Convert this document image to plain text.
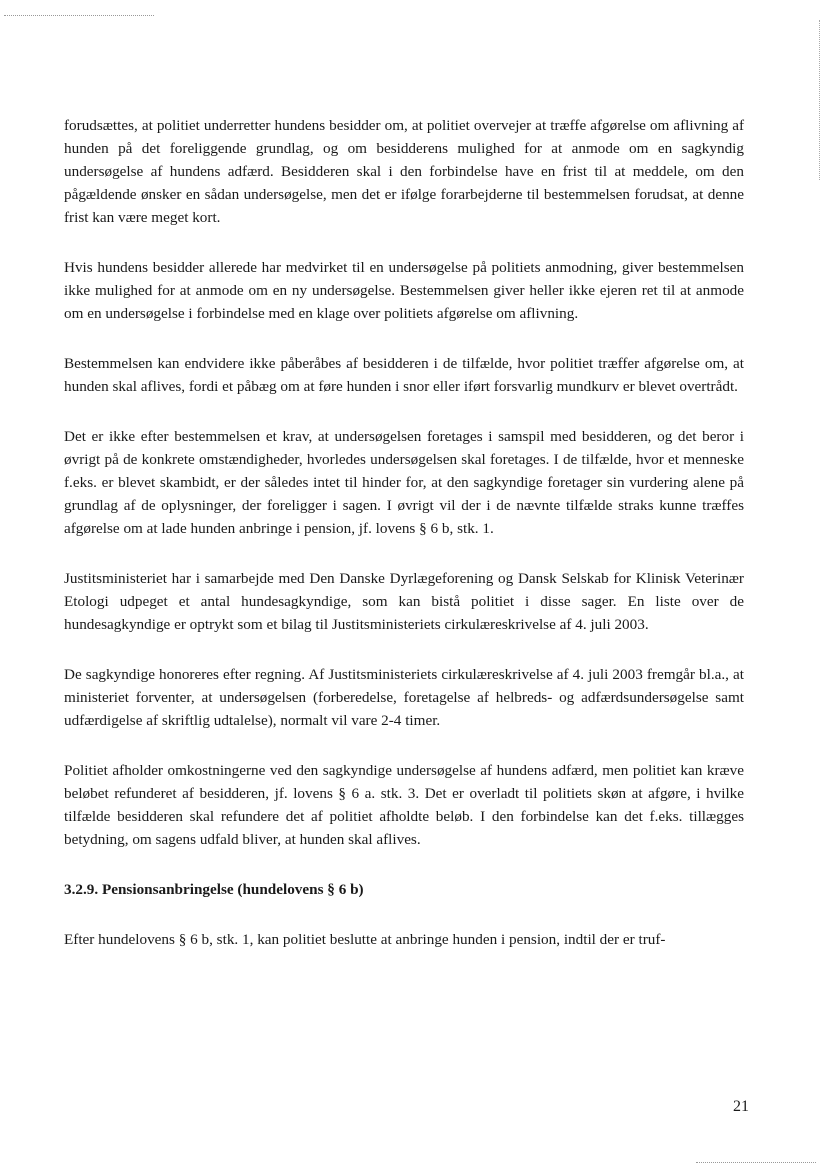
forudsættes, at politiet underretter hundens besidder om, at politiet overvejer at træffe afgørelse om aflivning af hunden på det foreliggende grundlag, og om besidderens mulighed for at anmode om en sagkyndig undersøgelse af hundens adfærd. Besidderen skal i den forbindelse have en frist til at meddele, om den pågældende ønsker en sådan undersøgelse, men det er ifølge forarbejderne til bestemmelsen forudsat, at denne frist kan være meget kort.

Hvis hundens besidder allerede har medvirket til en undersøgelse på politiets anmodning, giver bestemmelsen ikke mulighed for at anmode om en ny undersøgelse. Bestemmelsen giver heller ikke ejeren ret til at anmode om en undersøgelse i forbindelse med en klage over politiets afgørelse om aflivning.

Bestemmelsen kan endvidere ikke påberåbes af besidderen i de tilfælde, hvor politiet træffer afgørelse om, at hunden skal aflives, fordi et påbæg om at føre hunden i snor eller iført forsvarlig mundkurv er blevet overtrådt.

Det er ikke efter bestemmelsen et krav, at undersøgelsen foretages i samspil med besidderen, og det beror i øvrigt på de konkrete omstændigheder, hvorledes undersøgelsen skal foretages. I de tilfælde, hvor et menneske f.eks. er blevet skambidt, er der således intet til hinder for, at den sagkyndige foretager sin vurdering alene på grundlag af de oplysninger, der foreligger i sagen. I øvrigt vil der i de nævnte tilfælde straks kunne træffes afgørelse om at lade hunden anbringe i pension, jf. lovens § 6 b, stk. 1.

Justitsministeriet har i samarbejde med Den Danske Dyrlægeforening og Dansk Selskab for Klinisk Veterinær Etologi udpeget et antal hundesagkyndige, som kan bistå politiet i disse sager. En liste over de hundesagkyndige er optrykt som et bilag til Justitsministeriets cirkulæreskrivelse af 4. juli 2003.

De sagkyndige honoreres efter regning. Af Justitsministeriets cirkulæreskrivelse af 4. juli 2003 fremgår bl.a., at ministeriet forventer, at undersøgelsen (forberedelse, foretagelse af helbreds- og adfærdsundersøgelse samt udfærdigelse af skriftlig udtalelse), normalt vil vare 2-4 timer.

Politiet afholder omkostningerne ved den sagkyndige undersøgelse af hundens adfærd, men politiet kan kræve beløbet refunderet af besidderen, jf. lovens § 6 a. stk. 3. Det er overladt til politiets skøn at afgøre, i hvilke tilfælde besidderen skal refundere det af politiet afholdte beløb. I den forbindelse kan det f.eks. tillægges betydning, om sagens udfald bliver, at hunden skal aflives.

3.2.9. Pensionsanbringelse (hundelovens § 6 b)

Efter hundelovens § 6 b, stk. 1, kan politiet beslutte at anbringe hunden i pension, indtil der er truf-

21
